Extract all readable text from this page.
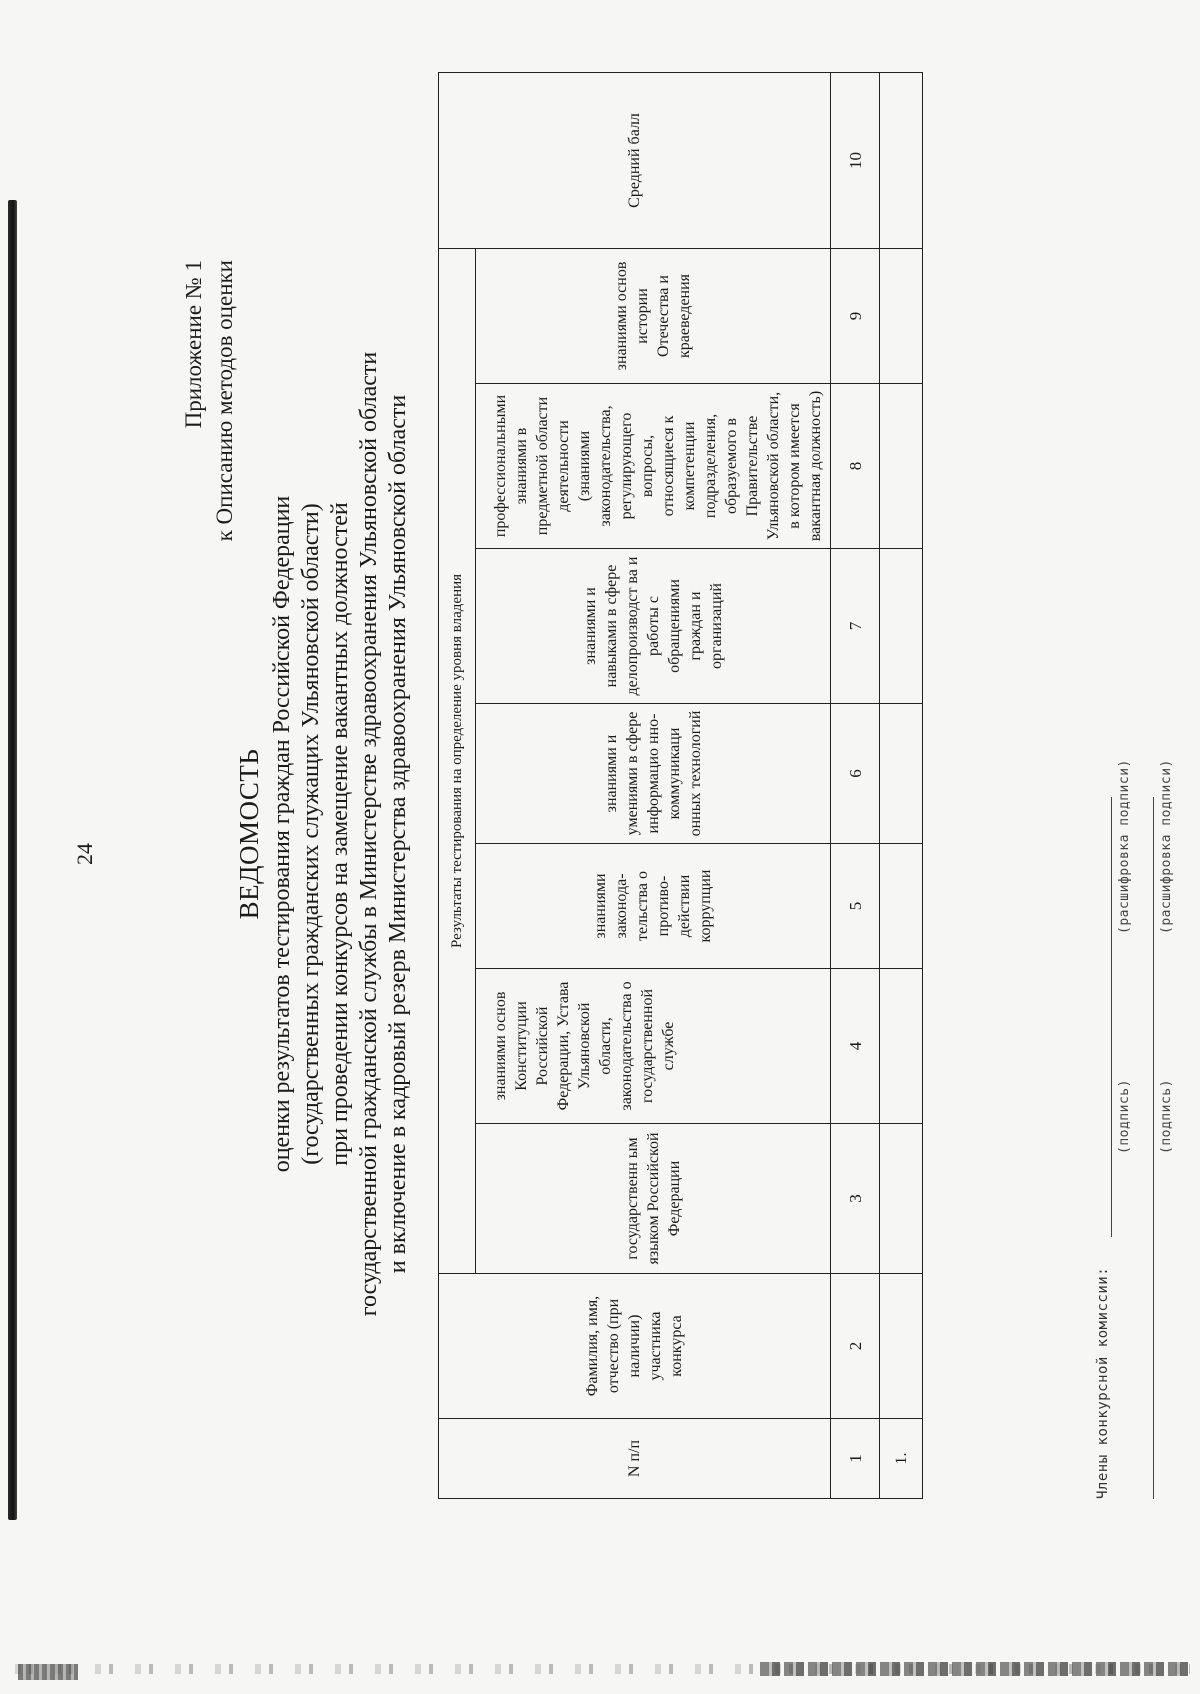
24
Приложение № 1 к Описанию методов оценки
ВЕДОМОСТЬ оценки результатов тестирования граждан Российской Федерации (государственных гражданских служащих Ульяновской области) при проведении конкурсов на замещение вакантных должностей государственной гражданской службы в Министерстве здравоохранения Ульяновской области и включение в кадровый резерв Министерства здравоохранения Ульяновской области
N п/п	Фамилия, имя, отчество (при наличии) участника конкурса	Результаты тестирования на определение уровня владения							Средний балл
		государственн ым языком Российской Федерации	знаниями основ Конституции Российской Федерации, Устава Ульяновской области, законодательства о государственной службе	знаниями законода-тельства о противо-действии коррупции	знаниями и умениями в сфере информацио нно-коммуникаци онных технологий	знаниями и навыками в сфере делопроизводст ва и работы с обращениями граждан и организаций	профессиональными знаниями в предметной области деятельности (знаниями законодательства, регулирующего вопросы, относящиеся к компетенции подразделения, образуемого в Правительстве Ульяновской области, в котором имеется вакантная должность)	знаниями основ истории Отечества и краеведения	
1	2	3	4	5	6	7	8	9	10
1.										Члены конкурсной комиссии:
(подпись)
(расшифровка подписи)
(подпись)
(расшифровка подписи)
